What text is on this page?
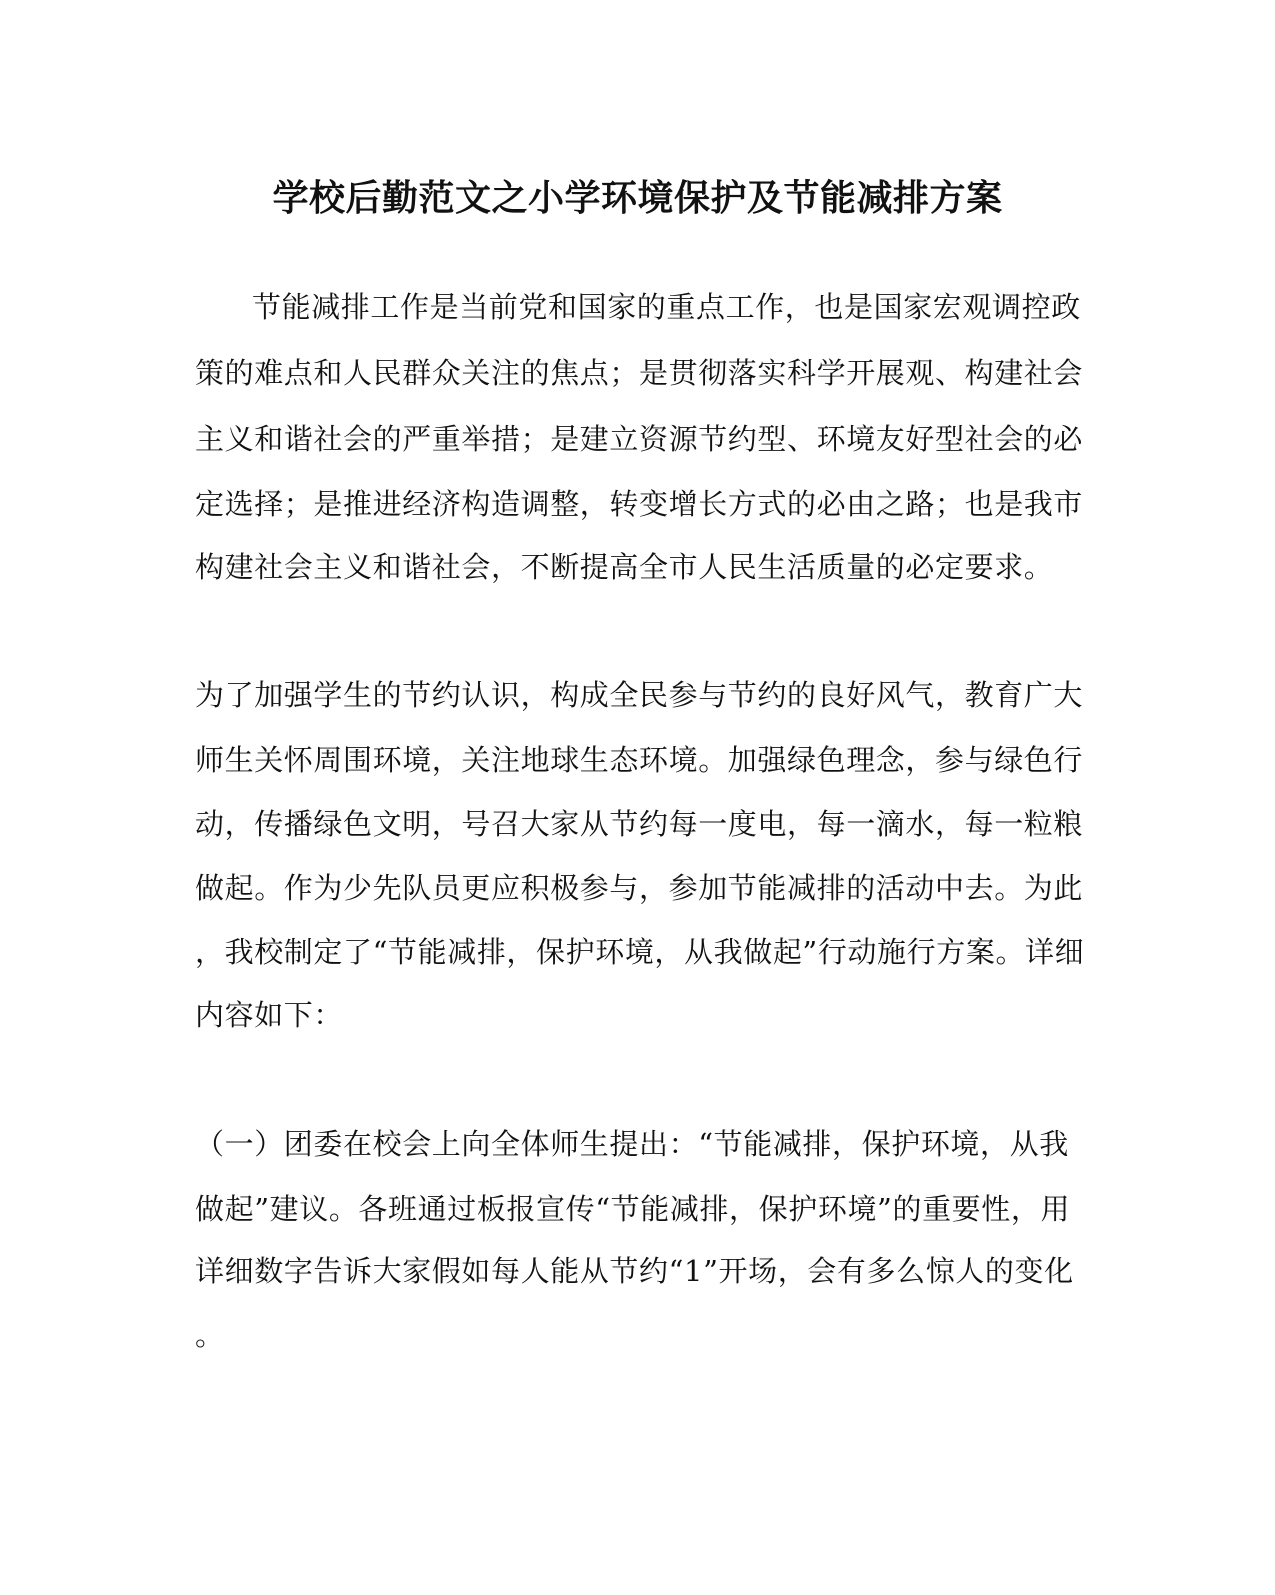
学校后勤范文之小学环境保护及节能减排方案
节能减排工作是当前党和国家的重点工作，也是国家宏观调控政
策的难点和人民群众关注的焦点；是贯彻落实科学开展观、构建社会
主义和谐社会的严重举措；是建立资源节约型、环境友好型社会的必
定选择；是推进经济构造调整，转变增长方式的必由之路；也是我市
构建社会主义和谐社会，不断提高全市人民生活质量的必定要求。
为了加强学生的节约认识，构成全民参与节约的良好风气，教育广大
师生关怀周围环境，关注地球生态环境。加强绿色理念，参与绿色行
动，传播绿色文明，号召大家从节约每一度电，每一滴水，每一粒粮
做起。作为少先队员更应积极参与，参加节能减排的活动中去。为此
，我校制定了“节能减排，保护环境，从我做起”行动施行方案。详细
内容如下：
（一）团委在校会上向全体师生提出：“节能减排，保护环境，从我
做起”建议。各班通过板报宣传“节能减排，保护环境”的重要性，用
详细数字告诉大家假如每人能从节约“1”开场，会有多么惊人的变化
。
